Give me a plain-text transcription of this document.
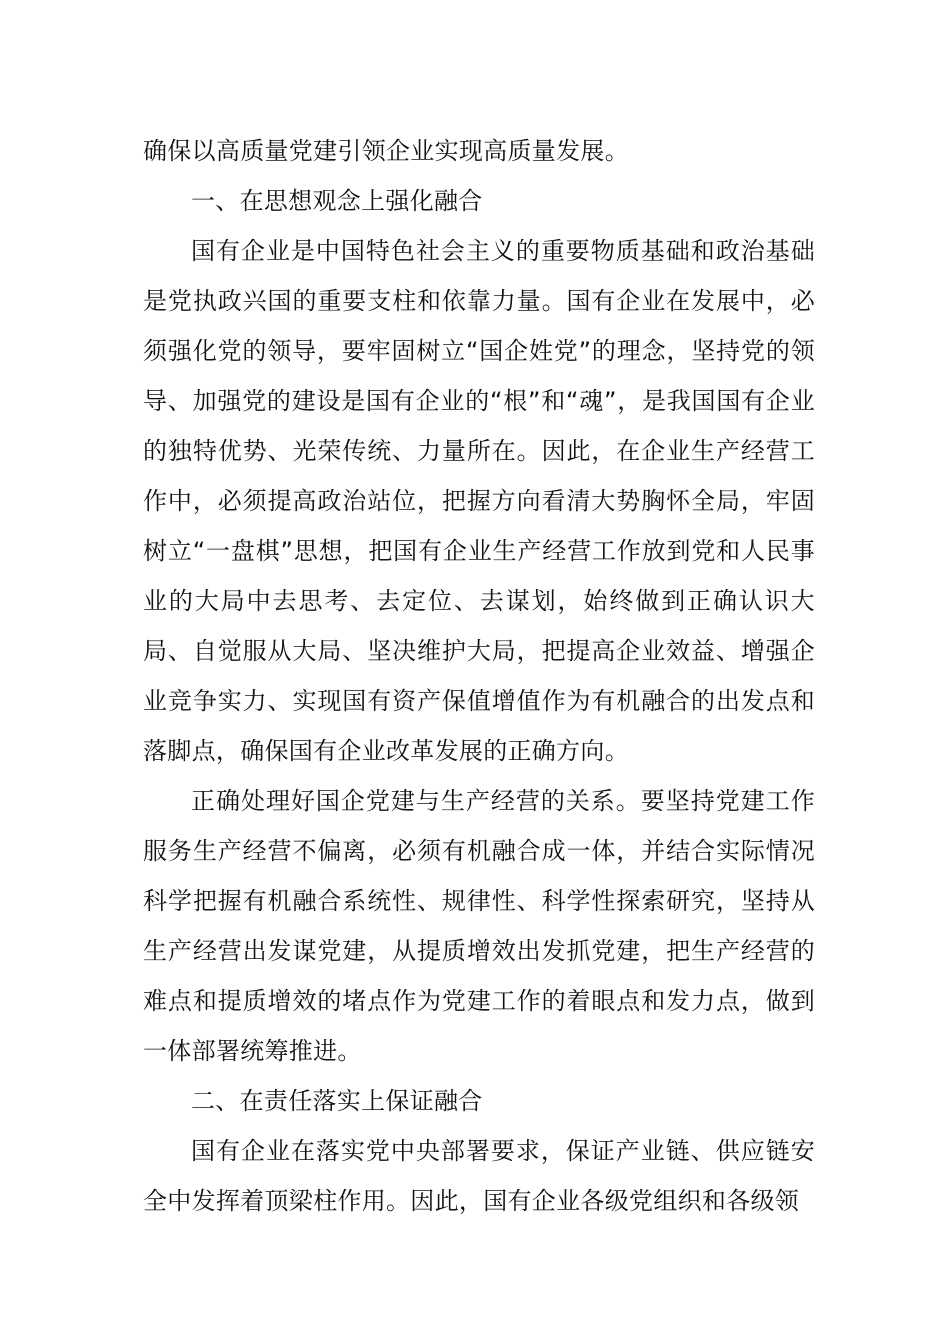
确保以高质量党建引领企业实现高质量发展。

一、在思想观念上强化融合

国有企业是中国特色社会主义的重要物质基础和政治基础是党执政兴国的重要支柱和依靠力量。国有企业在发展中，必须强化党的领导，要牢固树立“国企姓党”的理念，坚持党的领导、加强党的建设是国有企业的“根”和“魂”，是我国国有企业的独特优势、光荣传统、力量所在。因此，在企业生产经营工作中，必须提高政治站位，把握方向看清大势胸怀全局，牢固树立“一盘棋”思想，把国有企业生产经营工作放到党和人民事业的大局中去思考、去定位、去谋划，始终做到正确认识大局、自觉服从大局、坚决维护大局，把提高企业效益、增强企业竞争实力、实现国有资产保值增值作为有机融合的出发点和落脚点，确保国有企业改革发展的正确方向。

正确处理好国企党建与生产经营的关系。要坚持党建工作服务生产经营不偏离，必须有机融合成一体，并结合实际情况科学把握有机融合系统性、规律性、科学性探索研究，坚持从生产经营出发谋党建，从提质增效出发抓党建，把生产经营的难点和提质增效的堵点作为党建工作的着眼点和发力点，做到一体部署统筹推进。

二、在责任落实上保证融合

国有企业在落实党中央部署要求，保证产业链、供应链安全中发挥着顶梁柱作用。因此，国有企业各级党组织和各级领
